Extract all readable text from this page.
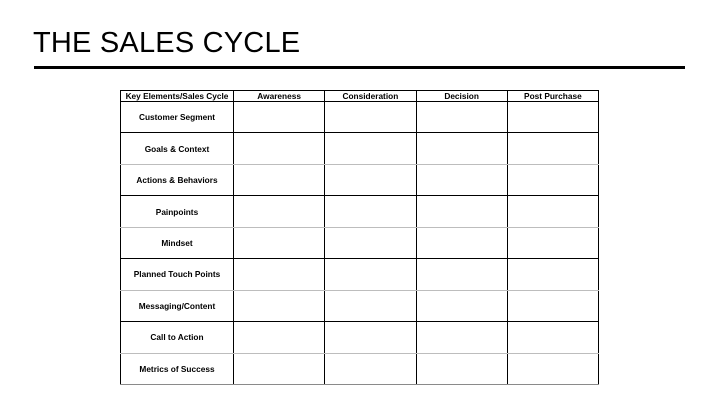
THE SALES CYCLE
Key Elements/Sales Cycle	Awareness	Consideration	Decision	Post Purchase
Customer Segment				
Goals & Context				
Actions & Behaviors				
Painpoints				
Mindset				
Planned Touch Points				
Messaging/Content				
Call to Action				
Metrics of Success				
